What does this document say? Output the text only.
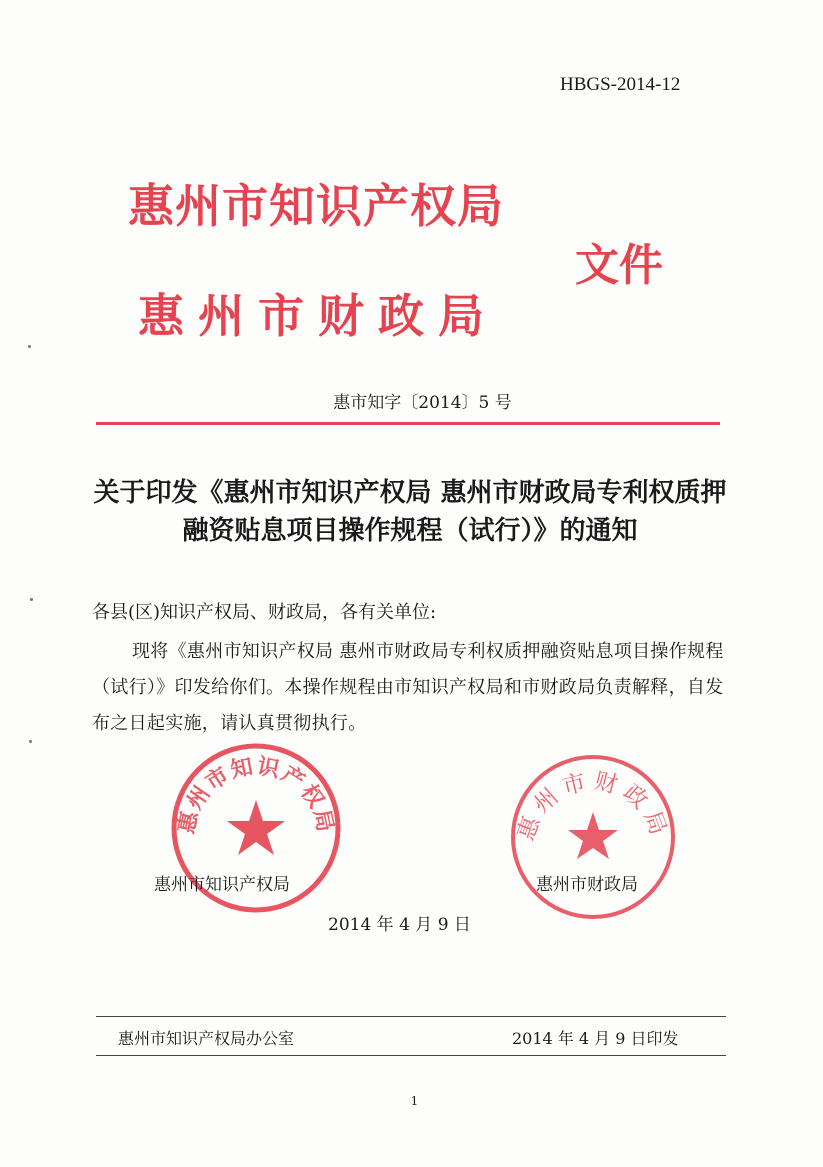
HBGS-2014-12
惠州市知识产权局
文件
惠州市财政局
惠市知字〔2014〕5 号
关于印发《惠州市知识产权局 惠州市财政局专利权质押融资贴息项目操作规程（试行）》的通知
各县(区)知识产权局、财政局，各有关单位:
现将《惠州市知识产权局 惠州市财政局专利权质押融资贴息项目操作规程（试行）》印发给你们。本操作规程由市知识产权局和市财政局负责解释，自发布之日起实施，请认真贯彻执行。
惠州市知识产权局	惠州市财政局
惠州市知识产权局	惠州市财政局
2014 年 4 月 9 日
惠州市知识产权局办公室	2014 年 4 月 9 日印发
1
